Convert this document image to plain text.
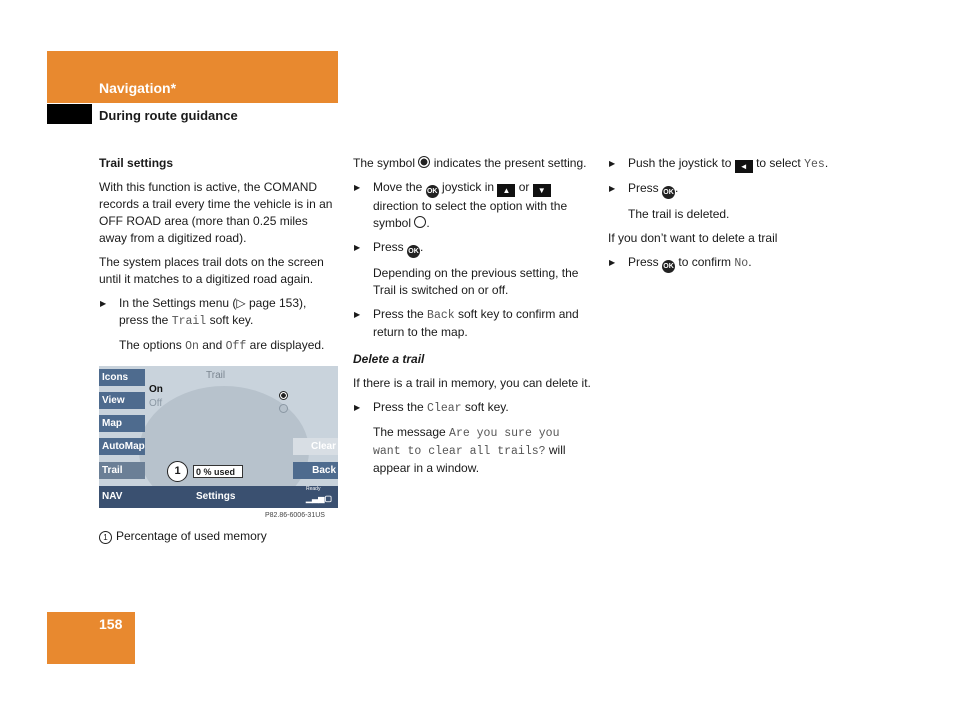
Navigation*
During route guidance
Trail settings

With this function is active, the COMAND records a trail every time the vehicle is in an OFF ROAD area (more than 0.25 miles away from a digitized road).

The system places trail dots on the screen until it matches to a digitized road again.

▶ In the Settings menu (▷ page 153), press the Trail soft key.

The options On and Off are displayed.

Icons
View
Map
AutoMap
Trail
Trail
On
Off
Clear
Back
1	0 % used
NAV	Settings
Ready
▁▃▅▢
P82.86-6006-31US
1 Percentage of used memory

The symbol indicates the present setting.

▶ Move the OK joystick in ▲ or ▼ direction to select the option with the symbol .
▶ Press OK.

Depending on the previous setting, the Trail is switched on or off.

▶ Press the Back soft key to confirm and return to the map.
Delete a trail

If there is a trail in memory, you can delete it.

▶ Press the Clear soft key.

The message Are you sure you want to clear all trails? will appear in a window.

▶ Push the joystick to ◄ to select Yes.
▶ Press OK.

The trail is deleted.

If you don’t want to delete a trail

▶ Press OK to confirm No.
158
